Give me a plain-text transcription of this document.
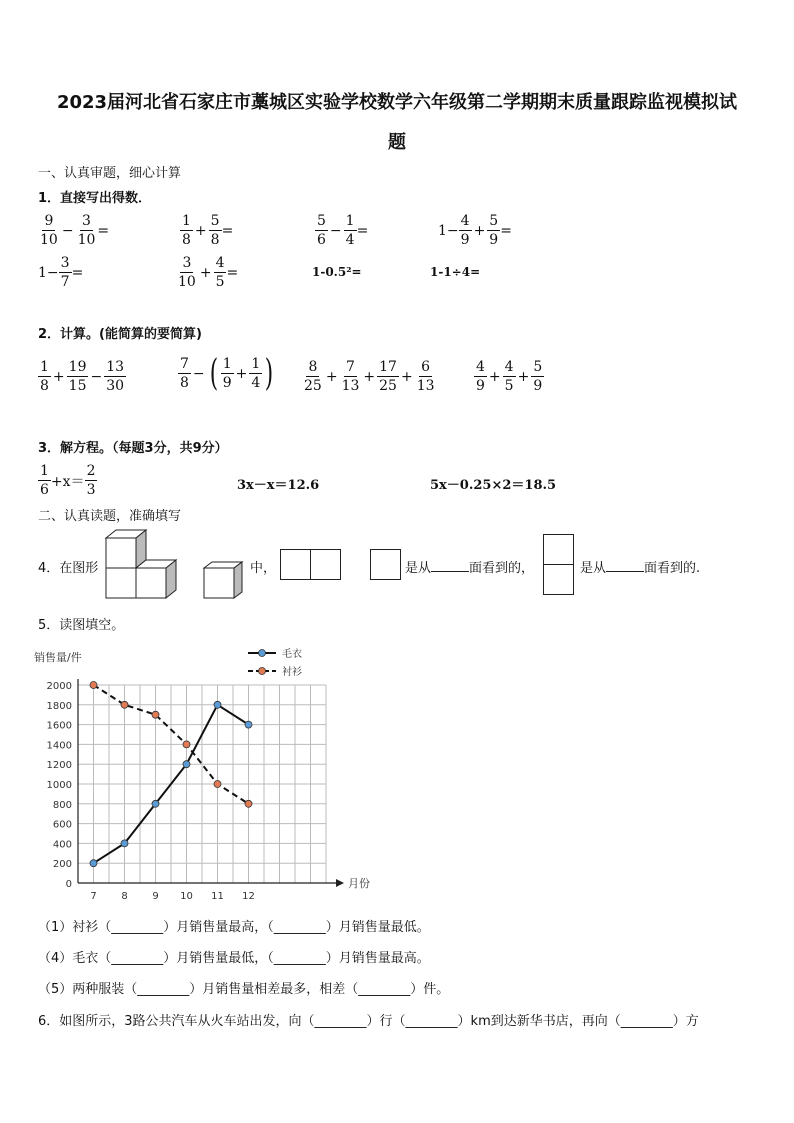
2023届河北省石家庄市藁城区实验学校数学六年级第二学期期末质量跟踪监视模拟试
题
一、认真审题，细心计算
1．直接写出得数．
$\frac{9}{10} - \frac{3}{10}$ =	$\frac{1}{8} + \frac{5}{8}$ =	$\frac{5}{6} - \frac{1}{4}$ =	$1- \frac{4}{9} + \frac{5}{9}$ =
$1- \frac{3}{7}$ =	$\frac{3}{10} + \frac{4}{5}$ =	1-0.5²=	1-1÷4=
2．计算。(能简算的要简算)
$\frac{1}{8} + \frac{19}{15} - \frac{13}{30}$	$\frac{7}{8}$ − ( $\frac{1}{9} + \frac{1}{4}$ ) $\frac{8}{25} + \frac{7}{13} + \frac{17}{25} + \frac{6}{13}$	$\frac{4}{9} + \frac{4}{5} + \frac{5}{9}$
3．解方程。（每题3分，共9分）
$\frac{1}{6} +x= \frac{2}{3}$	3x－x＝12.6	5x－0.25×2＝18.5
二、认真读题，准确填写
4．在图形	中，	是从	面看到的，	是从	面看到的.
5．读图填空。
0
200
400
600
800
1000
1200
1400
1600
1800
2000
7 8 9 10 11 12
销售量/件
月份
毛衣
衬衫
（1）衬衫（________）月销售量最高，（________）月销售量最低。
（4）毛衣（________）月销售量最低，（________）月销售量最高。
（5）两种服装（________）月销售量相差最多，相差（________）件。
6．如图所示，3路公共汽车从火车站出发，向（________）行（________）km到达新华书店，再向（________）方
